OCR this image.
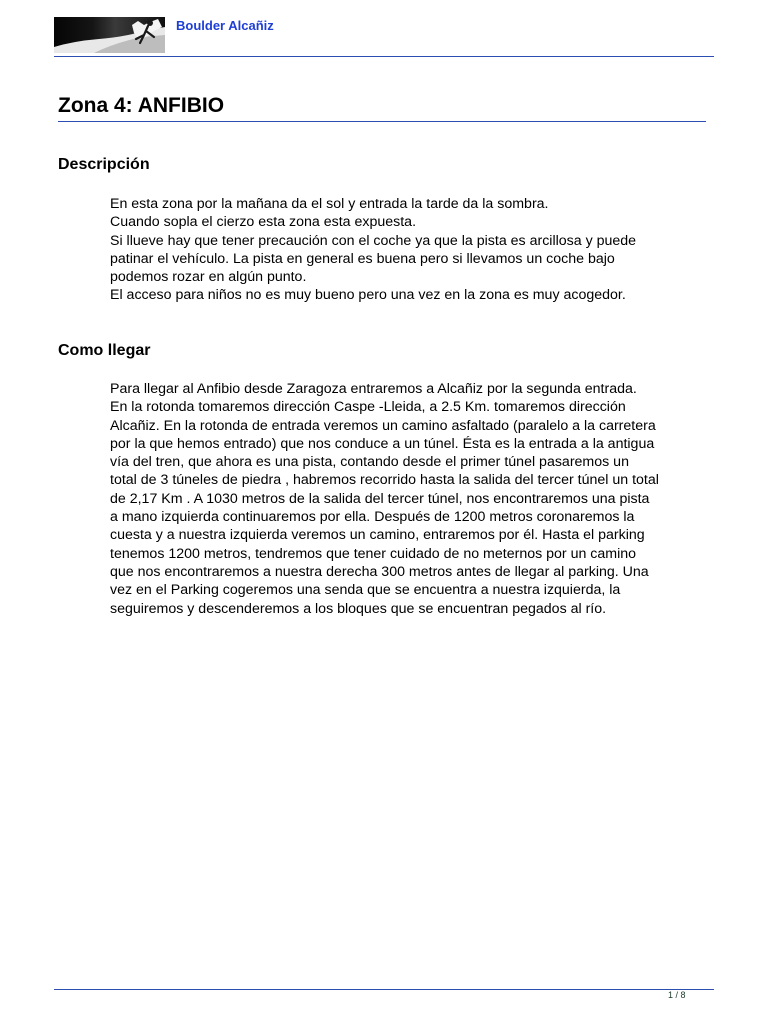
Boulder Alcañiz
Zona 4: ANFIBIO
Descripción

En esta zona por la mañana da el sol y entrada la tarde da la sombra.

Cuando sopla el cierzo esta zona esta expuesta.

Si llueve hay que tener precaución con el coche ya que la pista es arcillosa y puede

patinar el vehículo. La pista en general es buena pero si llevamos un coche bajo

podemos rozar en algún punto.

El acceso para niños no es muy bueno pero una vez en la zona es muy acogedor.

Como llegar

Para llegar al Anfibio desde Zaragoza entraremos a Alcañiz por la segunda entrada.

En la rotonda tomaremos dirección Caspe -Lleida, a 2.5 Km. tomaremos dirección

Alcañiz. En la rotonda de entrada veremos un camino asfaltado (paralelo a la carretera

por la que hemos entrado) que nos conduce a un túnel. Ésta es la entrada a la antigua

vía del tren, que ahora es una pista, contando desde el primer túnel pasaremos un

total de 3 túneles de piedra , habremos recorrido hasta la salida del tercer túnel un total

de 2,17 Km . A 1030 metros de la salida del tercer túnel, nos encontraremos una pista

a mano izquierda continuaremos por ella. Después de 1200 metros coronaremos la

cuesta y a nuestra izquierda veremos un camino, entraremos por él. Hasta el parking

tenemos 1200 metros, tendremos que tener cuidado de no meternos por un camino

que nos encontraremos a nuestra derecha 300 metros antes de llegar al parking. Una

vez en el Parking cogeremos una senda que se encuentra a nuestra izquierda, la

seguiremos y descenderemos a los bloques que se encuentran pegados al río.

1 / 8
